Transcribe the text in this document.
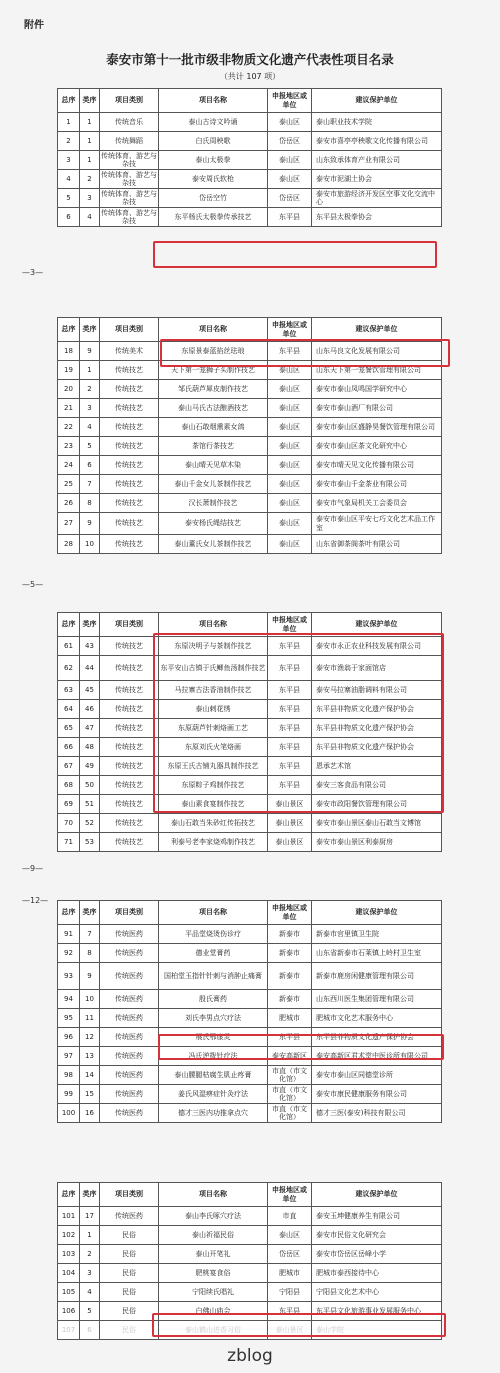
附件
泰安市第十一批市级非物质文化遗产代表性项目名录
（共计 107 项）
总序	类序	项目类别	项目名称	申报地区或单位	建议保护单位
1	1	传统音乐	泰山古诗文吟诵	泰山区	泰山职业技术学院
2	1	传统舞蹈	白氏周秧歌	岱岳区	泰安市喜亭亭秧歌文化传播有限公司
3	1	传统体育、游艺与杂技	泰山太极拳	泰山区	山东致承体育产业有限公司
4	2	传统体育、游艺与杂技	泰安周氏软枪	泰山区	泰安市泥湖土协会
5	3	传统体育、游艺与杂技	岱岳空竹	岱岳区	泰安市旅游经济开发区空事文化交流中心
6	4	传统体育、游艺与杂技	东平杨氏太极拳传承技艺	东平县	东平县太极拳协会
总序	类序	项目类别	项目名称	申报地区或单位	建议保护单位
18	9	传统美术	东原景泰蓝掐丝珐琅	东平县	山东马良文化发展有限公司
19	1	传统技艺	天下第一笼狮子头制作技艺	泰山区	山东天下第一笼餐饮管理有限公司
20	2	传统技艺	邹氏葫芦犀皮制作技艺	泰山区	泰安市泰山凤鸣国学研究中心
21	3	传统技艺	泰山马氏古法酿酒技艺	泰山区	泰安市泰山酒厂有限公司
22	4	传统技艺	泰山石敢烟熏素女鸽	泰山区	泰安市泰山区盛静昊餐饮管理有限公司
23	5	传统技艺	茶馆行茶技艺	泰山区	泰安市泰山区茶文化研究中心
24	6	传统技艺	泰山晴天见草木染	泰山区	泰安市晴天见文化传播有限公司
25	7	传统技艺	泰山千金女儿茶制作技艺	泰山区	泰安市泰山千金茶业有限公司
26	8	传统技艺	汉长萧制作技艺	泰山区	泰安市气象局机关工会委员会
27	9	传统技艺	泰安杨氏绳结技艺	泰山区	泰安市泰山区平安七巧文化艺术品工作室
28	10	传统技艺	泰山董氏女儿茶制作技艺	泰山区	山东省御茶阁茶叶有限公司
总序	类序	项目类别	项目名称	申报地区或单位	建议保护单位
61	43	传统技艺	东原决明子与茶制作技艺	东平县	泰安市永正农业科技发展有限公司
62	44	传统技艺	东平安山古镇于氏鲫鱼汤制作技艺	东平县	泰安市渔翁于家面馆店
63	45	传统技艺	马拉寨古法香油制作技艺	东平县	泰安马拉寨油脂调料有限公司
64	46	传统技艺	泰山刺花绣	东平县	东平县非物质文化遗产保护协会
65	47	传统技艺	东原葫芦针刺烙画工艺	东平县	东平县非物质文化遗产保护协会
66	48	传统技艺	东原刘氏火笔烙画	东平县	东平县非物质文化遗产保护协会
67	49	传统技艺	东原王氏古铺丸器具制作技艺	东平县	恩承艺术馆
68	50	传统技艺	东原粽子鸡制作技艺	东平县	泰安三客食品有限公司
69	51	传统技艺	泰山素食宴制作技艺	泰山景区	泰安市政阳餐饮管理有限公司
70	52	传统技艺	泰山石敢当朱砂红传拓技艺	泰山景区	泰安市泰山景区泰山石敢当文博馆
71	53	传统技艺	利泰号老李家烧鸡制作技艺	泰山景区	泰安市泰山景区利泰厨房
总序	类序	项目类别	项目名称	申报地区或单位	建议保护单位
91	7	传统医药	平品堂烧烫伤诊疗	新泰市	新泰市官里镇卫生院
92	8	传统医药	德业堂膏药	新泰市	山东省新泰市石莱镇上岭村卫生室
93	9	传统医药	国柏堂玉指针针刺与消肿止痛膏	新泰市	新泰市鹿房闲健康管理有限公司
94	10	传统医药	殷氏膏药	新泰市	山东西川医生集团管理有限公司
95	11	传统医药	刘氏李男点穴疗法	肥城市	肥城市文化艺术服务中心
96	12	传统医药	展氏鄂康灵	东平县	东平县非物质文化遗产保护协会
97	13	传统医药	冯氏逆拨针疗法	泰安高新区	泰安高新区君术堂中医诊所有限公司
98	14	传统医药	泰山腰腿枯腐生肌止疼膏	市直（市文化馆）	泰安市泰山区同德堂诊所
99	15	传统医药	姜氏风湿痹症针灸疗法	市直（市文化馆）	泰安市康民健康服务有限公司
100	16	传统医药	德才三医内功推拿点穴	市直（市文化馆）	德才三医(泰安)科技有限公司
总序	类序	项目类别	项目名称	申报地区或单位	建议保护单位
101	17	传统医药	泰山李氏啄穴疗法	市直	泰安玉坤健康养生有限公司
102	1	民俗	泰山祈福民俗	泰山区	泰安市民俗文化研究会
103	2	民俗	泰山开笔礼	岱岳区	泰安市岱岳区岳峰小学
104	3	民俗	肥桃宴食俗	肥城市	肥城市泰西接待中心
105	4	民俗	宁阳续氏唱礼	宁阳县	宁阳县文化艺术中心
106	5	民俗	白佛山庙会	东平县	东平县文化旅游事业发展服务中心
107	6	民俗	泰山鹤山进香习俗	泰山景区	泰山学院
—3—
—5—
—9—
—12—
zblog
